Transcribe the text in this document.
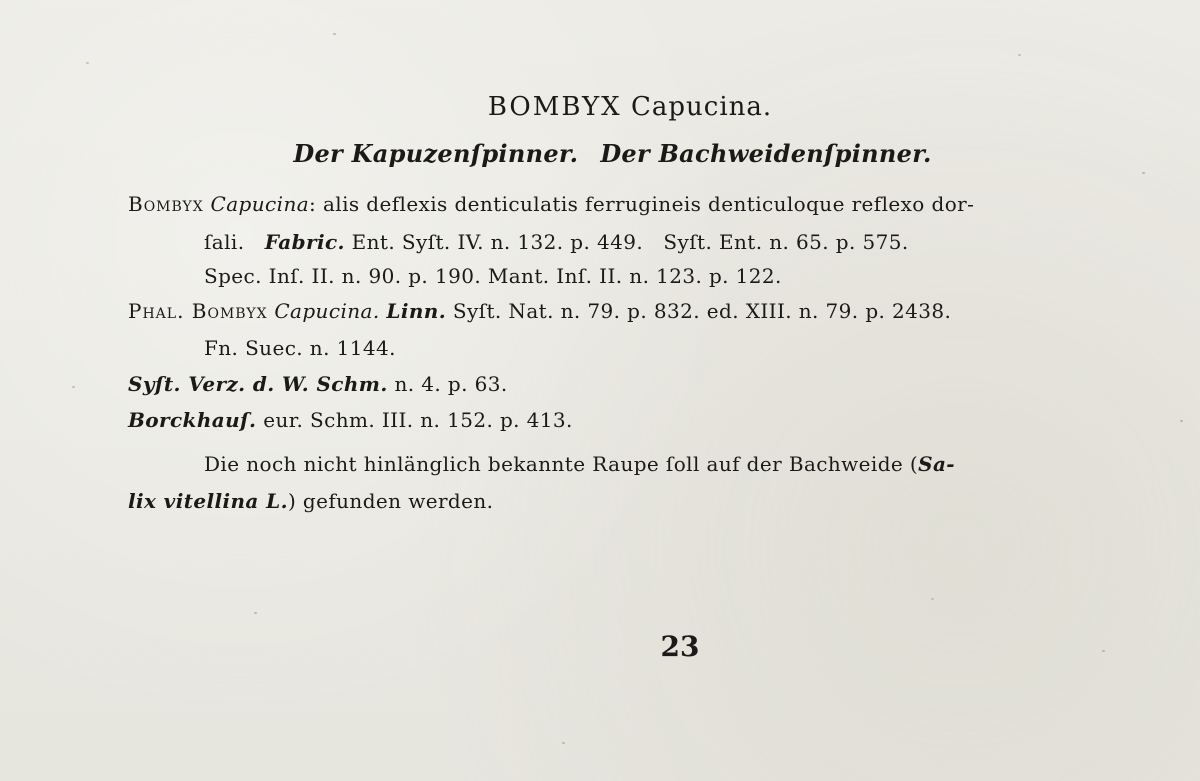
BOMBYX Capucina.
Der Kapuzenſpinner. Der Bachweidenſpinner.
Bombyx Capucina: alis deflexis denticulatis ferrugineis denticuloque reflexo dor-
ſali. Fabric. Ent. Syſt. IV. n. 132. p. 449. Syſt. Ent. n. 65. p. 575.
Spec. Inſ. II. n. 90. p. 190. Mant. Inſ. II. n. 123. p. 122.
Phal. Bombyx Capucina. Linn. Syſt. Nat. n. 79. p. 832. ed. XIII. n. 79. p. 2438.
Fn. Suec. n. 1144.
Syſt. Verz. d. W. Schm. n. 4. p. 63.
Borckhauſ. eur. Schm. III. n. 152. p. 413.
Die noch nicht hinlänglich bekannte Raupe ſoll auf der Bachweide (Sa-
lix vitellina L.) gefunden werden.
23
